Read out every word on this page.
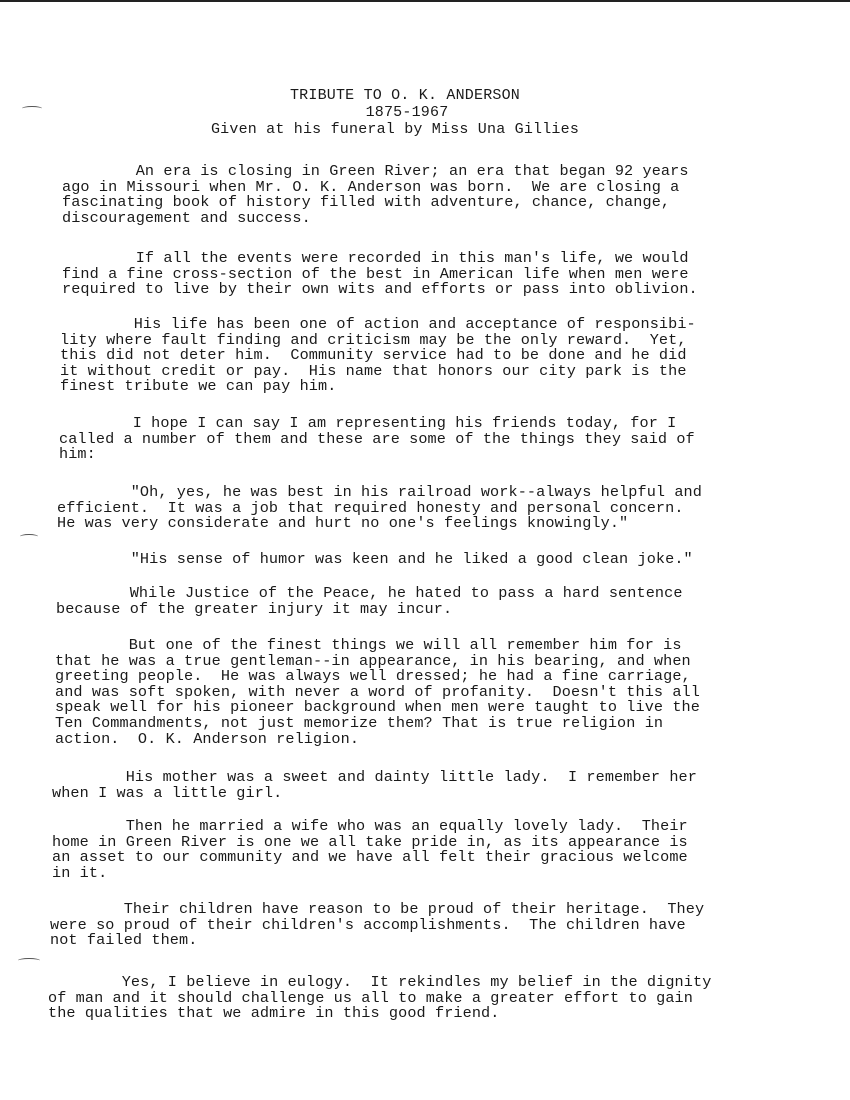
TRIBUTE TO O. K. ANDERSON
1875-1967
Given at his funeral by Miss Una Gillies
An era is closing in Green River; an era that began 92 years
ago in Missouri when Mr. O. K. Anderson was born.  We are closing a
fascinating book of history filled with adventure, chance, change,
discouragement and success.
If all the events were recorded in this man's life, we would
find a fine cross-section of the best in American life when men were
required to live by their own wits and efforts or pass into oblivion.
His life has been one of action and acceptance of responsibi-
lity where fault finding and criticism may be the only reward.  Yet,
this did not deter him.  Community service had to be done and he did
it without credit or pay.  His name that honors our city park is the
finest tribute we can pay him.
I hope I can say I am representing his friends today, for I
called a number of them and these are some of the things they said of
him:
"Oh, yes, he was best in his railroad work--always helpful and
efficient.  It was a job that required honesty and personal concern.
He was very considerate and hurt no one's feelings knowingly."
"His sense of humor was keen and he liked a good clean joke."
While Justice of the Peace, he hated to pass a hard sentence
because of the greater injury it may incur.
But one of the finest things we will all remember him for is
that he was a true gentleman--in appearance, in his bearing, and when
greeting people.  He was always well dressed; he had a fine carriage,
and was soft spoken, with never a word of profanity.  Doesn't this all
speak well for his pioneer background when men were taught to live the
Ten Commandments, not just memorize them? That is true religion in
action.  O. K. Anderson religion.
His mother was a sweet and dainty little lady.  I remember her
when I was a little girl.
Then he married a wife who was an equally lovely lady.  Their
home in Green River is one we all take pride in, as its appearance is
an asset to our community and we have all felt their gracious welcome
in it.
Their children have reason to be proud of their heritage.  They
were so proud of their children's accomplishments.  The children have
not failed them.
Yes, I believe in eulogy.  It rekindles my belief in the dignity
of man and it should challenge us all to make a greater effort to gain
the qualities that we admire in this good friend.
